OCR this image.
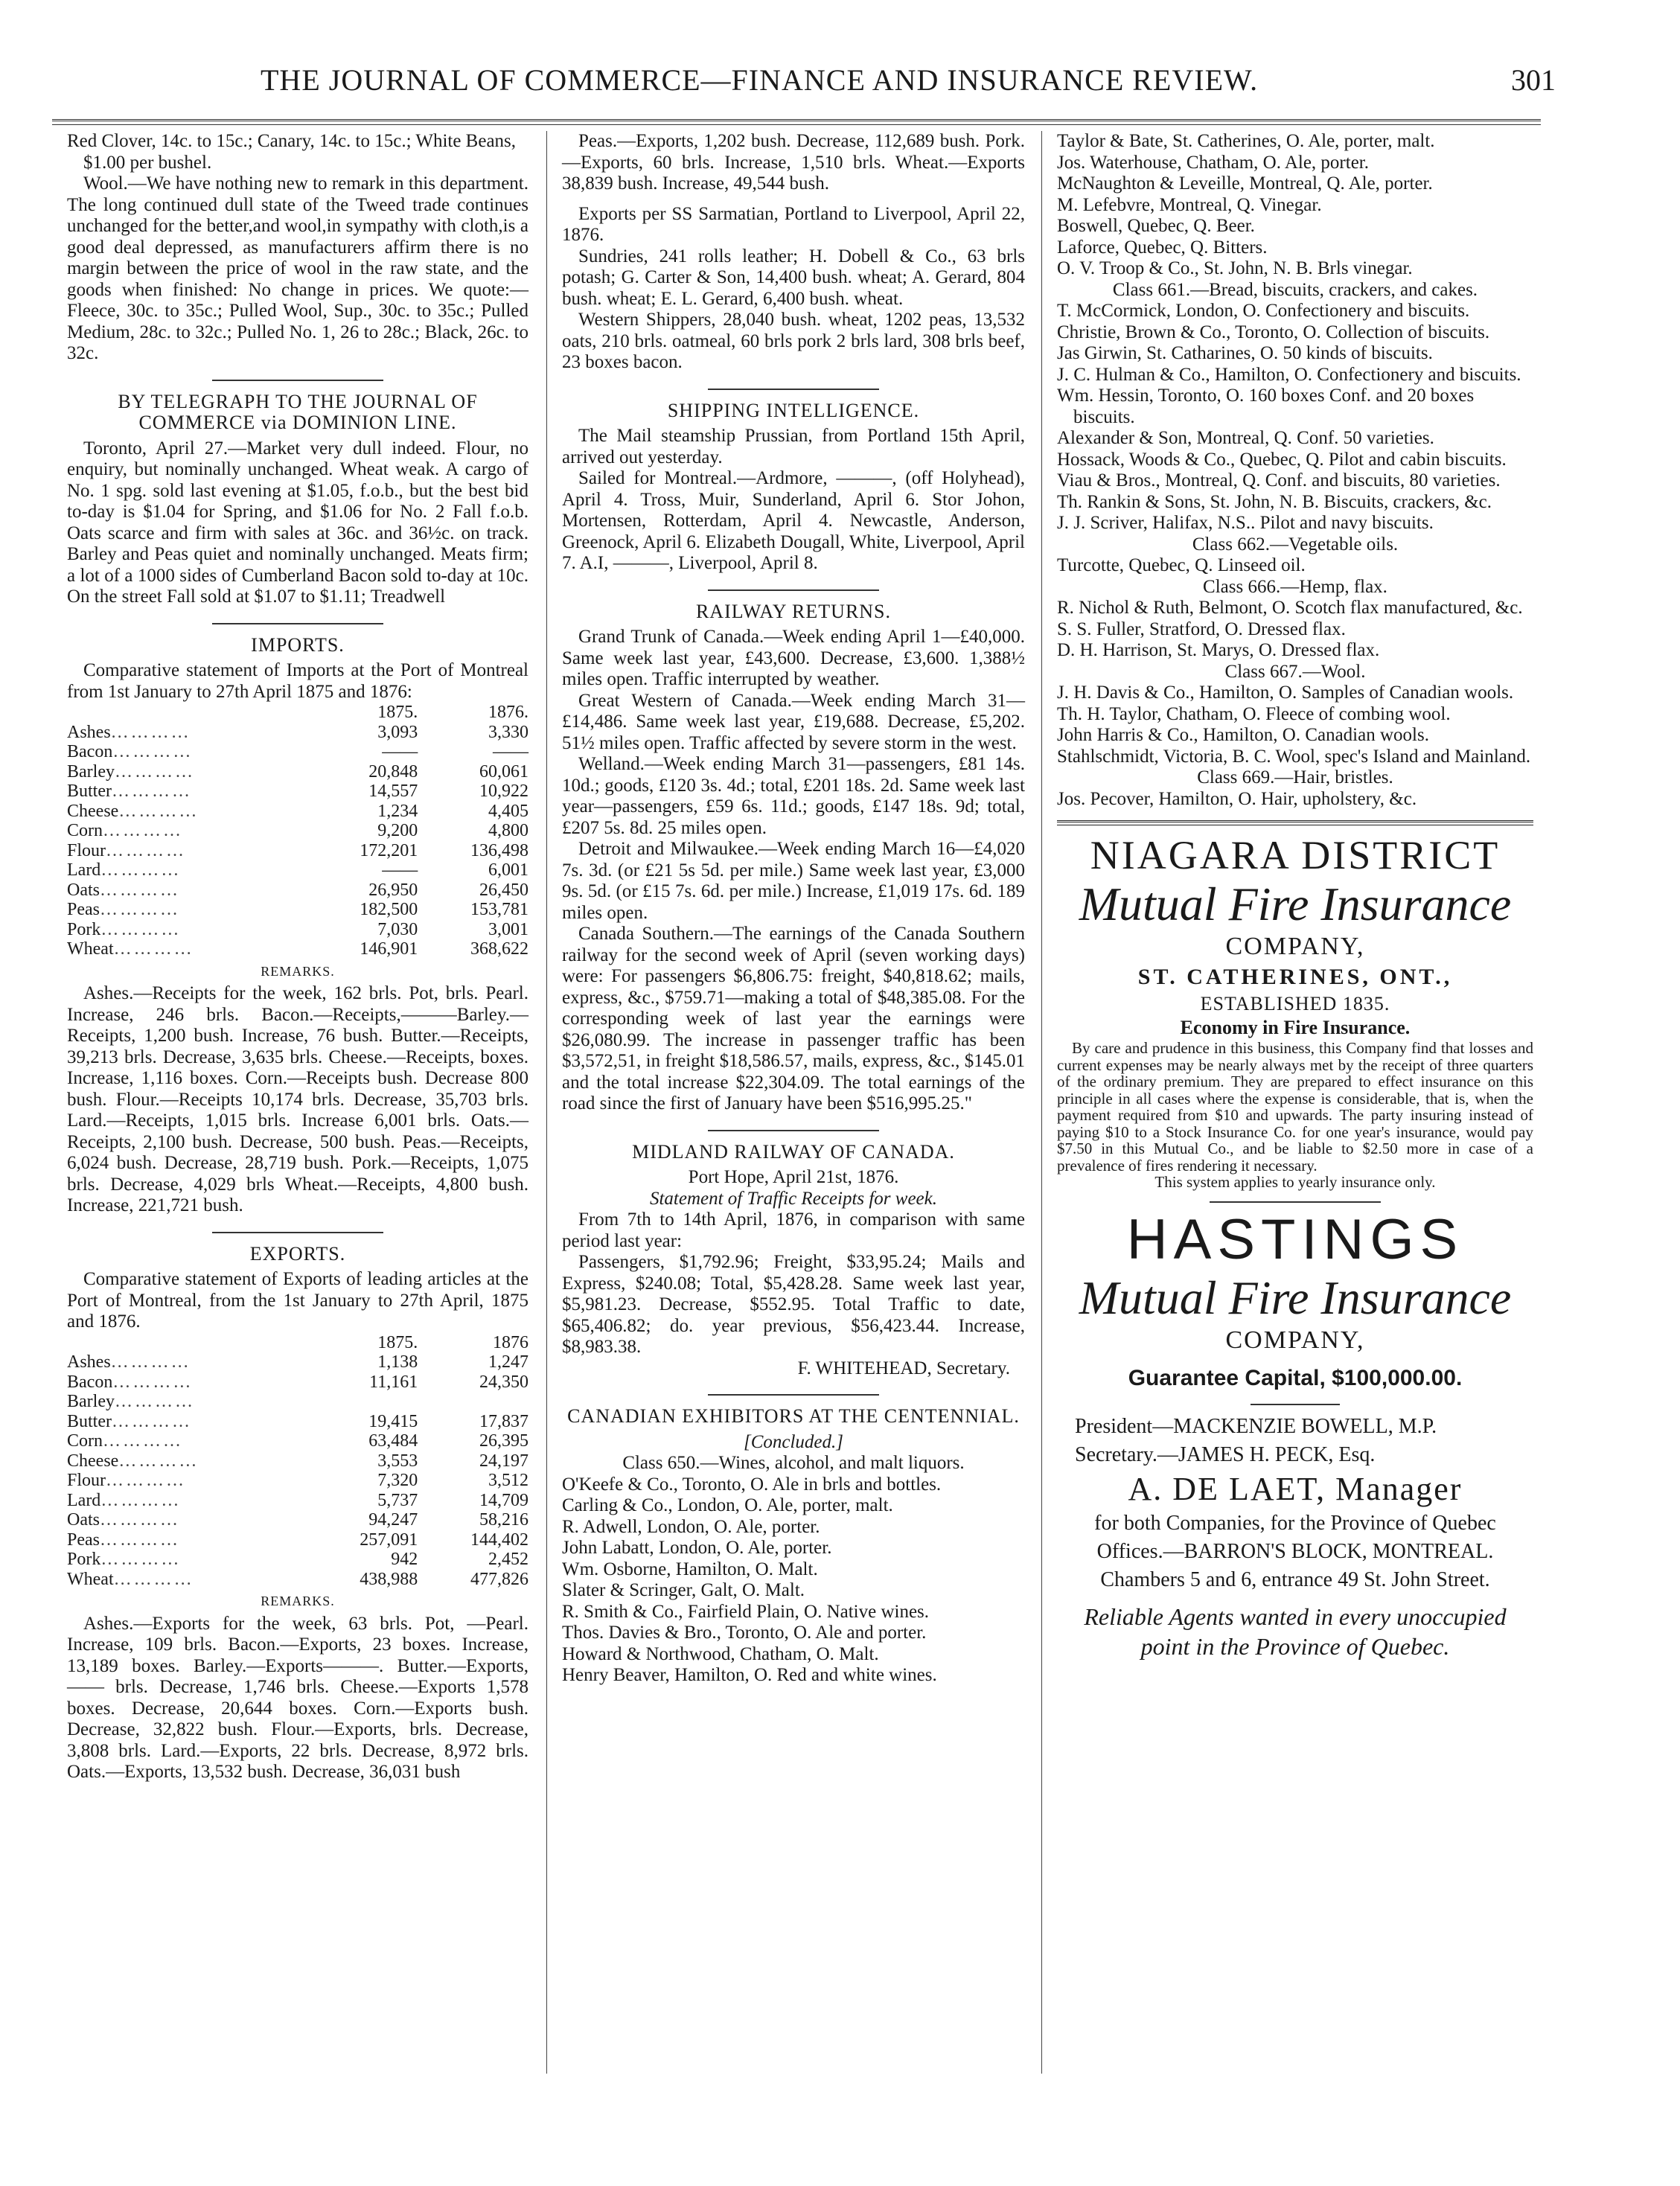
THE JOURNAL OF COMMERCE—FINANCE AND INSURANCE REVIEW.	301

Red Clover, 14c. to 15c.; Canary, 14c. to 15c.; White Beans, $1.00 per bushel.

Wool.—We have nothing new to remark in this department. The long continued dull state of the Tweed trade continues unchanged for the better,and wool,in sympathy with cloth,is a good deal depressed, as manufacturers affirm there is no margin between the price of wool in the raw state, and the goods when finished: No change in prices. We quote:—Fleece, 30c. to 35c.; Pulled Wool, Sup., 30c. to 35c.; Pulled Medium, 28c. to 32c.; Pulled No. 1, 26 to 28c.; Black, 26c. to 32c.

BY TELEGRAPH TO THE JOURNAL OF COMMERCE via DOMINION LINE.

Toronto, April 27.—Market very dull indeed. Flour, no enquiry, but nominally unchanged. Wheat weak. A cargo of No. 1 spg. sold last evening at $1.05, f.o.b., but the best bid to-day is $1.04 for Spring, and $1.06 for No. 2 Fall f.o.b. Oats scarce and firm with sales at 36c. and 36½c. on track. Barley and Peas quiet and nominally unchanged. Meats firm; a lot of a 1000 sides of Cumberland Bacon sold to-day at 10c. On the street Fall sold at $1.07 to $1.11; Treadwell

IMPORTS.

Comparative statement of Imports at the Port of Montreal from 1st January to 27th April 1875 and 1876:

	1875.	1876.
Ashes…………	3,093	3,330
Bacon…………	——	——
Barley…………	20,848	60,061
Butter…………	14,557	10,922
Cheese…………	1,234	4,405
Corn…………	9,200	4,800
Flour…………	172,201	136,498
Lard…………	——	6,001
Oats…………	26,950	26,450
Peas…………	182,500	153,781
Pork…………	7,030	3,001
Wheat…………	146,901	368,622
REMARKS.

Ashes.—Receipts for the week, 162 brls. Pot, brls. Pearl. Increase, 246 brls. Bacon.—Receipts,———Barley.—Receipts, 1,200 bush. Increase, 76 bush. Butter.—Receipts, 39,213 brls. Decrease, 3,635 brls. Cheese.—Receipts, boxes. Increase, 1,116 boxes. Corn.—Receipts bush. Decrease 800 bush. Flour.—Receipts 10,174 brls. Decrease, 35,703 brls. Lard.—Receipts, 1,015 brls. Increase 6,001 brls. Oats.—Receipts, 2,100 bush. Decrease, 500 bush. Peas.—Receipts, 6,024 bush. Decrease, 28,719 bush. Pork.—Receipts, 1,075 brls. Decrease, 4,029 brls Wheat.—Receipts, 4,800 bush. Increase, 221,721 bush.

EXPORTS.

Comparative statement of Exports of leading articles at the Port of Montreal, from the 1st January to 27th April, 1875 and 1876.

	1875.	1876
Ashes…………	1,138	1,247
Bacon…………	11,161	24,350
Barley…………		
Butter…………	19,415	17,837
Corn…………	63,484	26,395
Cheese…………	3,553	24,197
Flour…………	7,320	3,512
Lard…………	5,737	14,709
Oats…………	94,247	58,216
Peas…………	257,091	144,402
Pork…………	942	2,452
Wheat…………	438,988	477,826
REMARKS.

Ashes.—Exports for the week, 63 brls. Pot, —Pearl. Increase, 109 brls. Bacon.—Exports, 23 boxes. Increase, 13,189 boxes. Barley.—Exports———. Butter.—Exports, —— brls. Decrease, 1,746 brls. Cheese.—Exports 1,578 boxes. Decrease, 20,644 boxes. Corn.—Exports bush. Decrease, 32,822 bush. Flour.—Exports, brls. Decrease, 3,808 brls. Lard.—Exports, 22 brls. Decrease, 8,972 brls. Oats.—Exports, 13,532 bush. Decrease, 36,031 bush

Peas.—Exports, 1,202 bush. Decrease, 112,689 bush. Pork.—Exports, 60 brls. Increase, 1,510 brls. Wheat.—Exports 38,839 bush. Increase, 49,544 bush.

Exports per SS Sarmatian, Portland to Liverpool, April 22, 1876.

Sundries, 241 rolls leather; H. Dobell & Co., 63 brls potash; G. Carter & Son, 14,400 bush. wheat; A. Gerard, 804 bush. wheat; E. L. Gerard, 6,400 bush. wheat.

Western Shippers, 28,040 bush. wheat, 1202 peas, 13,532 oats, 210 brls. oatmeal, 60 brls pork 2 brls lard, 308 brls beef, 23 boxes bacon.

SHIPPING INTELLIGENCE.

The Mail steamship Prussian, from Portland 15th April, arrived out yesterday.

Sailed for Montreal.—Ardmore, ———, (off Holyhead), April 4. Tross, Muir, Sunderland, April 6. Stor Johon, Mortensen, Rotterdam, April 4. Newcastle, Anderson, Greenock, April 6. Elizabeth Dougall, White, Liverpool, April 7. A.I, ———, Liverpool, April 8.

RAILWAY RETURNS.

Grand Trunk of Canada.—Week ending April 1—£40,000. Same week last year, £43,600. Decrease, £3,600. 1,388½ miles open. Traffic interrupted by weather.

Great Western of Canada.—Week ending March 31—£14,486. Same week last year, £19,688. Decrease, £5,202. 51½ miles open. Traffic affected by severe storm in the west.

Welland.—Week ending March 31—passengers, £81 14s. 10d.; goods, £120 3s. 4d.; total, £201 18s. 2d. Same week last year—passengers, £59 6s. 11d.; goods, £147 18s. 9d; total, £207 5s. 8d. 25 miles open.

Detroit and Milwaukee.—Week ending March 16—£4,020 7s. 3d. (or £21 5s 5d. per mile.) Same week last year, £3,000 9s. 5d. (or £15 7s. 6d. per mile.) Increase, £1,019 17s. 6d. 189 miles open.

Canada Southern.—The earnings of the Canada Southern railway for the second week of April (seven working days) were: For passengers $6,806.75: freight, $40,818.62; mails, express, &c., $759.71—making a total of $48,385.08. For the corresponding week of last year the earnings were $26,080.99. The increase in passenger traffic has been $3,572,51, in freight $18,586.57, mails, express, &c., $145.01 and the total increase $22,304.09. The total earnings of the road since the first of January have been $516,995.25."

MIDLAND RAILWAY OF CANADA.
Port Hope, April 21st, 1876.
Statement of Traffic Receipts for week.

From 7th to 14th April, 1876, in comparison with same period last year:

Passengers, $1,792.96; Freight, $33,95.24; Mails and Express, $240.08; Total, $5,428.28. Same week last year, $5,981.23. Decrease, $552.95. Total Traffic to date, $65,406.82; do. year previous, $56,423.44. Increase, $8,983.38.

F. WHITEHEAD, Secretary.
CANADIAN EXHIBITORS AT THE CENTENNIAL.
[Concluded.]
Class 650.—Wines, alcohol, and malt liquors.

O'Keefe & Co., Toronto, O. Ale in brls and bottles.

Carling & Co., London, O. Ale, porter, malt.

R. Adwell, London, O. Ale, porter.

John Labatt, London, O. Ale, porter.

Wm. Osborne, Hamilton, O. Malt.

Slater & Scringer, Galt, O. Malt.

R. Smith & Co., Fairfield Plain, O. Native wines.

Thos. Davies & Bro., Toronto, O. Ale and porter.

Howard & Northwood, Chatham, O. Malt.

Henry Beaver, Hamilton, O. Red and white wines.

Taylor & Bate, St. Catherines, O. Ale, porter, malt.

Jos. Waterhouse, Chatham, O. Ale, porter.

McNaughton & Leveille, Montreal, Q. Ale, porter.

M. Lefebvre, Montreal, Q. Vinegar.

Boswell, Quebec, Q. Beer.

Laforce, Quebec, Q. Bitters.

O. V. Troop & Co., St. John, N. B. Brls vinegar.

Class 661.—Bread, biscuits, crackers, and cakes.

T. McCormick, London, O. Confectionery and biscuits.

Christie, Brown & Co., Toronto, O. Collection of biscuits.

Jas Girwin, St. Catharines, O. 50 kinds of biscuits.

J. C. Hulman & Co., Hamilton, O. Confectionery and biscuits.

Wm. Hessin, Toronto, O. 160 boxes Conf. and 20 boxes biscuits.

Alexander & Son, Montreal, Q. Conf. 50 varieties.

Hossack, Woods & Co., Quebec, Q. Pilot and cabin biscuits.

Viau & Bros., Montreal, Q. Conf. and biscuits, 80 varieties.

Th. Rankin & Sons, St. John, N. B. Biscuits, crackers, &c.

J. J. Scriver, Halifax, N.S.. Pilot and navy biscuits.

Class 662.—Vegetable oils.

Turcotte, Quebec, Q. Linseed oil.

Class 666.—Hemp, flax.

R. Nichol & Ruth, Belmont, O. Scotch flax manufactured, &c.

S. S. Fuller, Stratford, O. Dressed flax.

D. H. Harrison, St. Marys, O. Dressed flax.

Class 667.—Wool.

J. H. Davis & Co., Hamilton, O. Samples of Canadian wools.

Th. H. Taylor, Chatham, O. Fleece of combing wool.

John Harris & Co., Hamilton, O. Canadian wools.

Stahlschmidt, Victoria, B. C. Wool, spec's Island and Mainland.

Class 669.—Hair, bristles.

Jos. Pecover, Hamilton, O. Hair, upholstery, &c.

NIAGARA DISTRICT
Mutual Fire Insurance
COMPANY,
ST. CATHERINES, ONT.,
ESTABLISHED 1835.
Economy in Fire Insurance.

By care and prudence in this business, this Company find that losses and current expenses may be nearly always met by the receipt of three quarters of the ordinary premium. They are prepared to effect insurance on this principle in all cases where the expense is considerable, that is, when the payment required from $10 and upwards. The party insuring instead of paying $10 to a Stock Insurance Co. for one year's insurance, would pay $7.50 in this Mutual Co., and be liable to $2.50 more in case of a prevalence of fires rendering it necessary.

This system applies to yearly insurance only.

HASTINGS
Mutual Fire Insurance
COMPANY,
Guarantee Capital, $100,000.00.
President—MACKENZIE BOWELL, M.P.
Secretary.—JAMES H. PECK, Esq.
A. DE LAET, Manager
for both Companies, for the Province of Quebec
Offices.—BARRON'S BLOCK, MONTREAL.
Chambers 5 and 6, entrance 49 St. John Street.
Reliable Agents wanted in every unoccupied point in the Province of Quebec.
